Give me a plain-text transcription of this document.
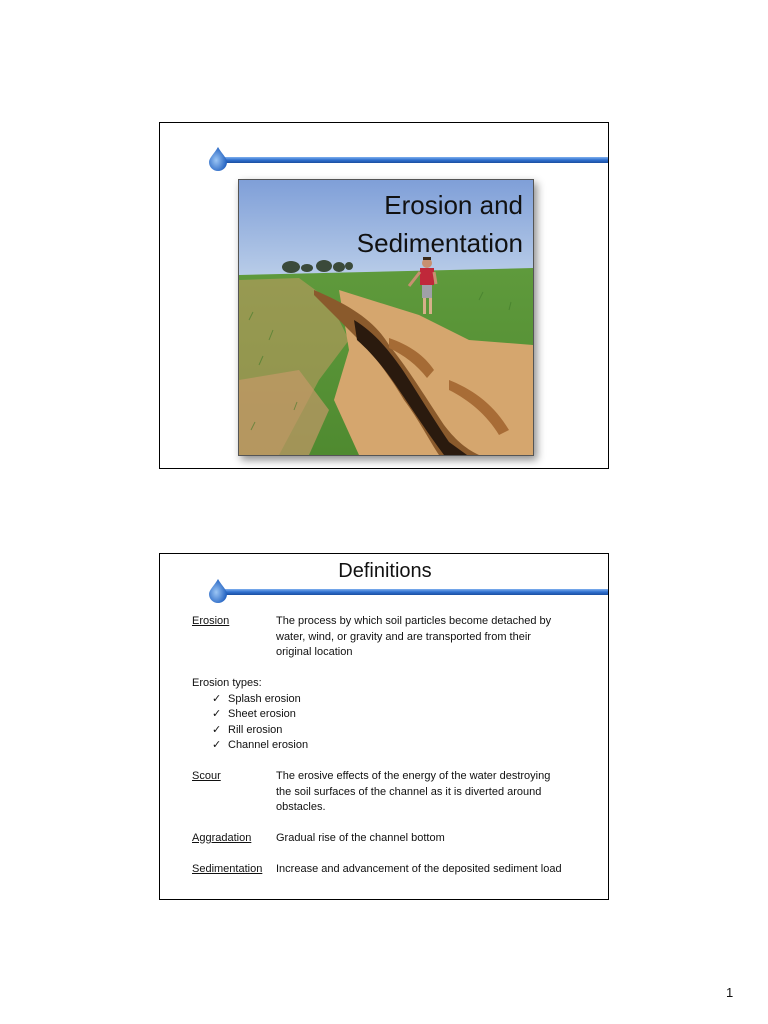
Erosion and
Sedimentation
Definitions
Erosion	The process by which soil particles become detached by
water, wind, or gravity and are transported from their
original location
Erosion types:
✓ Splash erosion
✓ Sheet erosion
✓ Rill erosion
✓ Channel erosion
Scour	The erosive effects of the energy of the water destroying
the soil surfaces of the channel as it is diverted around
obstacles.
Aggradation	Gradual rise of the channel bottom
Sedimentation	Increase and advancement of the deposited sediment load
1
